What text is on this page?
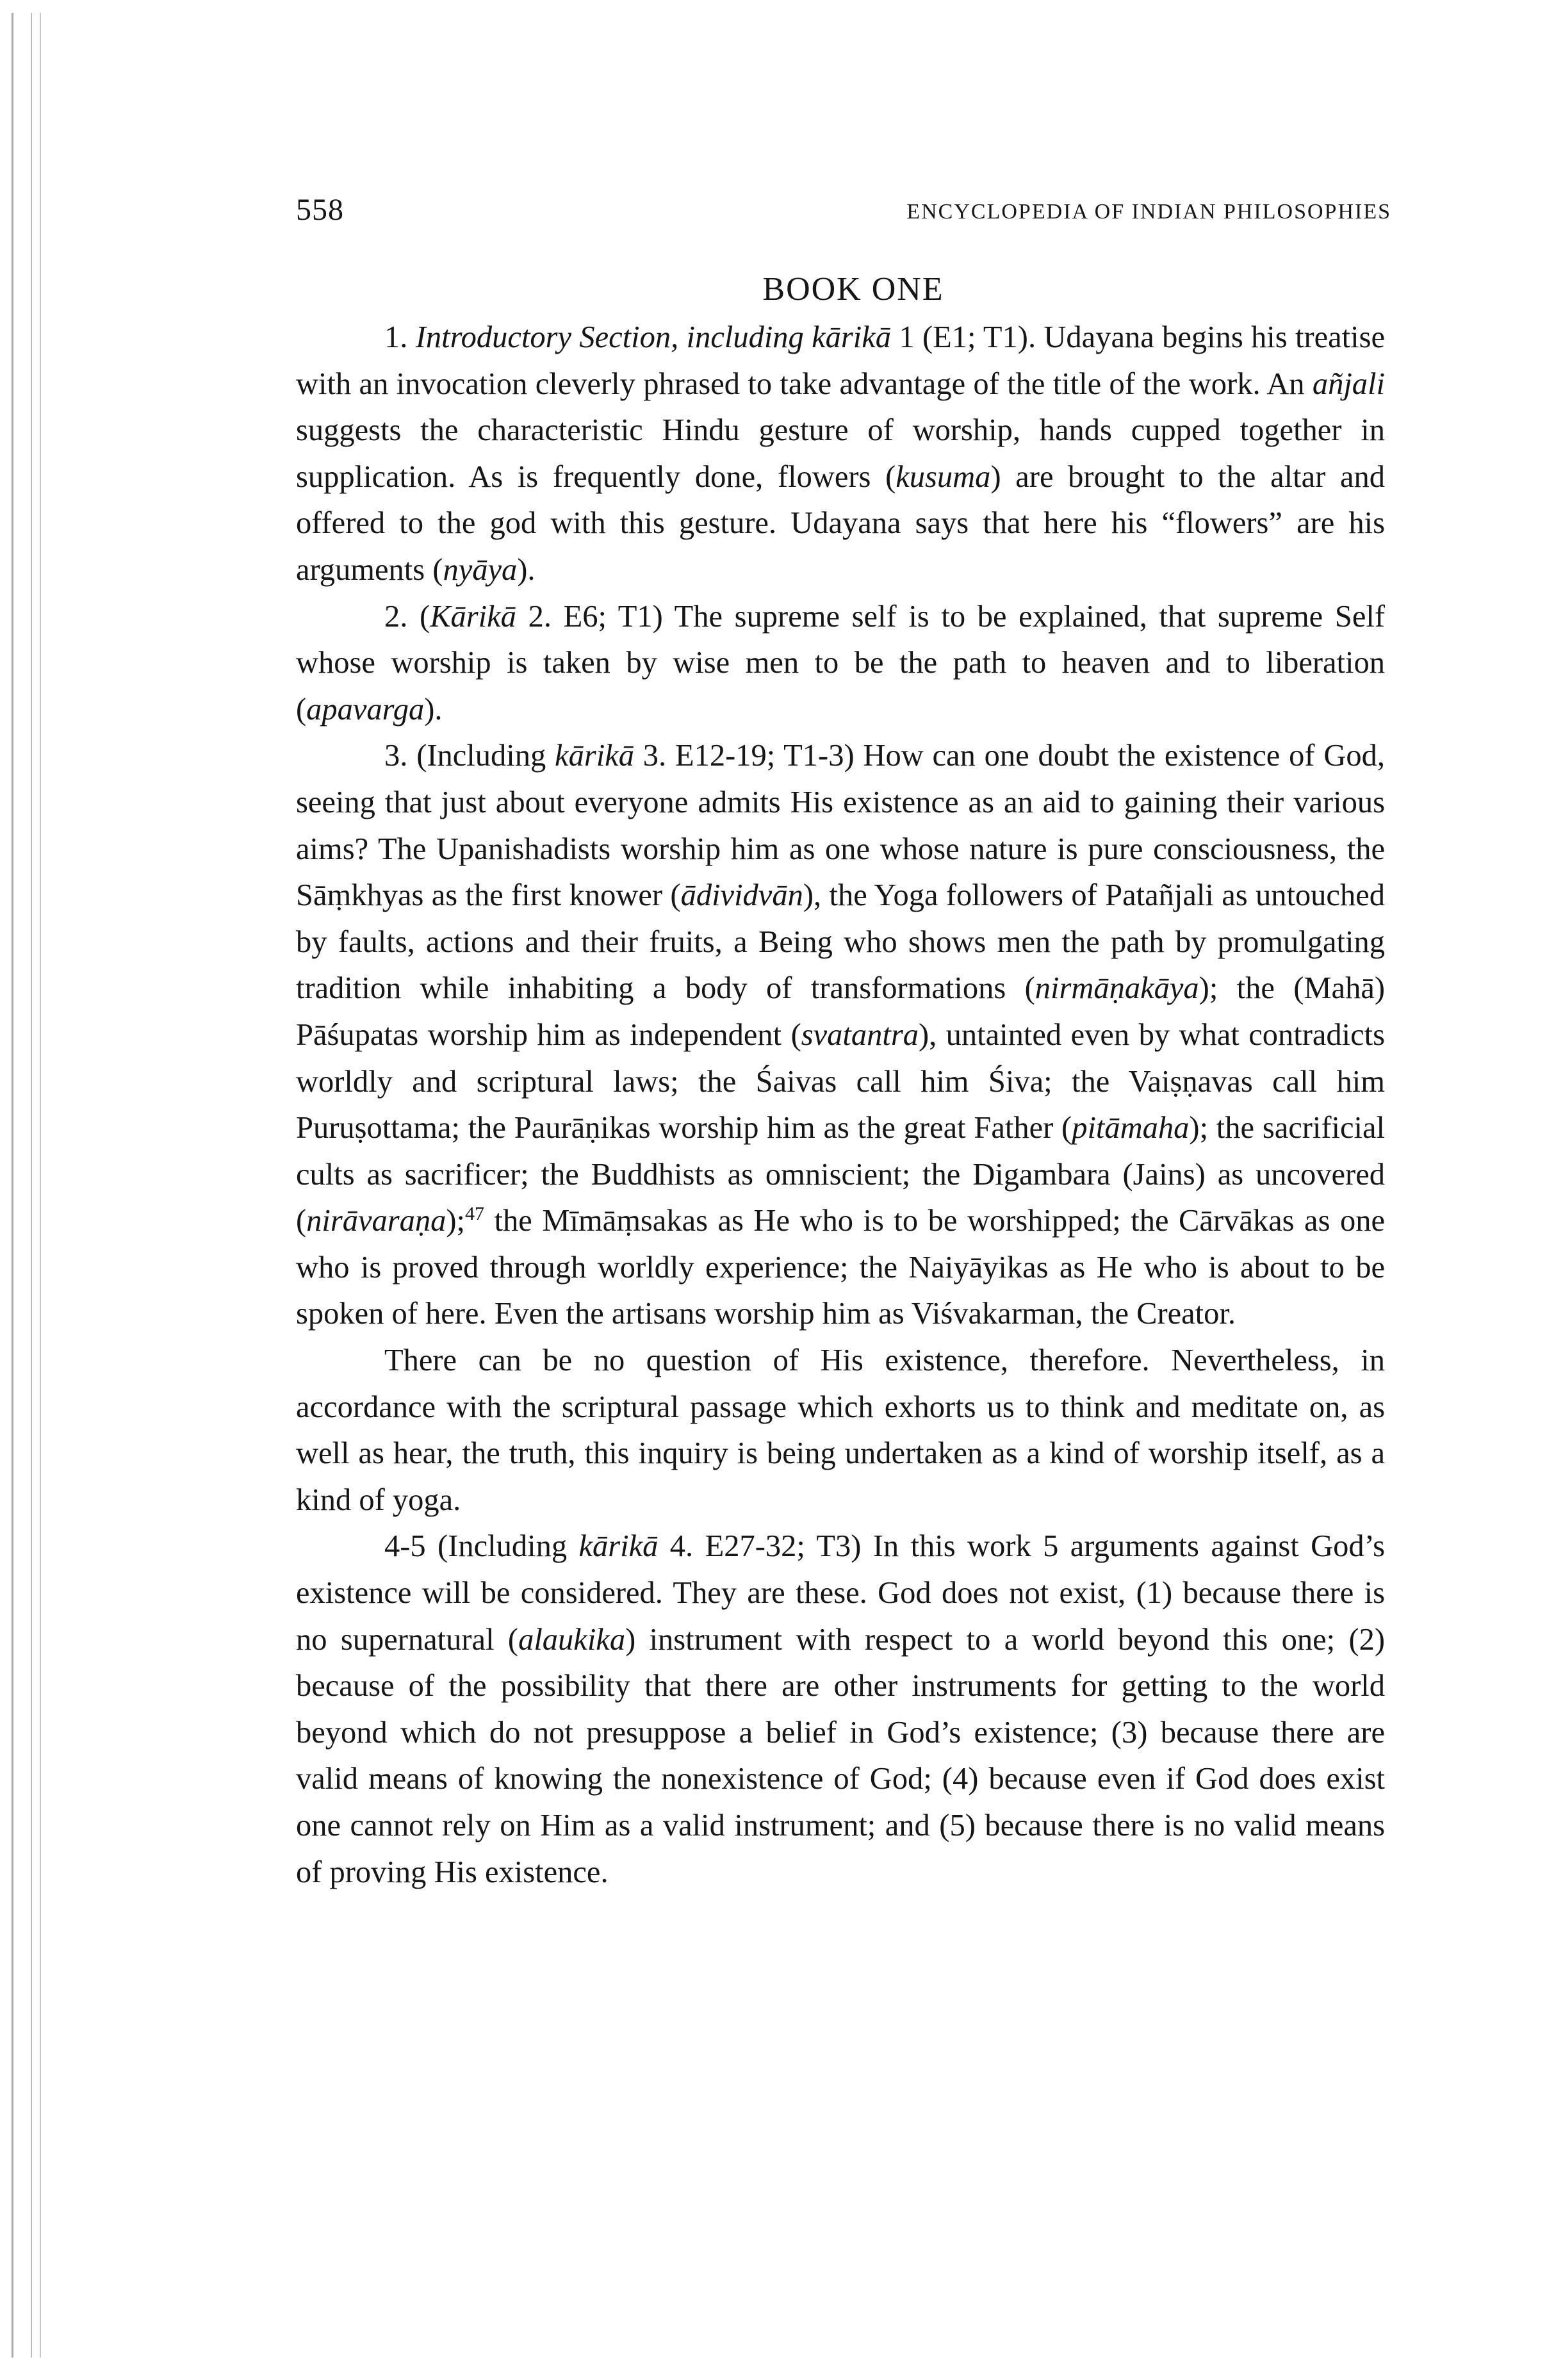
558	ENCYCLOPEDIA OF INDIAN PHILOSOPHIES
BOOK ONE

1. Introductory Section, including kārikā 1 (E1; T1). Udayana begins his treatise with an invocation cleverly phrased to take advantage of the title of the work. An añjali suggests the characteristic Hindu gesture of worship, hands cupped together in supplication. As is frequently done, flowers (kusuma) are brought to the altar and offered to the god with this gesture. Udayana says that here his “flowers” are his arguments (nyāya).

2. (Kārikā 2. E6; T1) The supreme self is to be explained, that supreme Self whose worship is taken by wise men to be the path to heaven and to liberation (apavarga).

3. (Including kārikā 3. E12-19; T1-3) How can one doubt the existence of God, seeing that just about everyone admits His existence as an aid to gaining their various aims? The Upanishadists worship him as one whose nature is pure consciousness, the Sāṃkhyas as the first knower (ādividvān), the Yoga followers of Patañjali as untouched by faults, actions and their fruits, a Being who shows men the path by promulgating tradition while inhabiting a body of transformations (nirmāṇakāya); the (Mahā) Pāśupatas worship him as independent (svatantra), untainted even by what contradicts worldly and scriptural laws; the Śaivas call him Śiva; the Vaiṣṇavas call him Puruṣottama; the Paurāṇikas worship him as the great Father (pitāmaha); the sacrificial cults as sacrificer; the Buddhists as omniscient; the Digambara (Jains) as uncovered (nirāvaraṇa);$^{47}$ the Mīmāṃsakas as He who is to be worshipped; the Cārvākas as one who is proved through worldly experience; the Naiyāyikas as He who is about to be spoken of here. Even the artisans worship him as Viśvakarman, the Creator.

There can be no question of His existence, therefore. Nevertheless, in accordance with the scriptural passage which exhorts us to think and meditate on, as well as hear, the truth, this inquiry is being undertaken as a kind of worship itself, as a kind of yoga.

4-5 (Including kārikā 4. E27-32; T3) In this work 5 arguments against God’s existence will be considered. They are these. God does not exist, (1) because there is no supernatural (alaukika) instrument with respect to a world beyond this one; (2) because of the possibility that there are other instruments for getting to the world beyond which do not presuppose a belief in God’s existence; (3) because there are valid means of knowing the nonexistence of God; (4) because even if God does exist one cannot rely on Him as a valid instrument; and (5) because there is no valid means of proving His existence.
